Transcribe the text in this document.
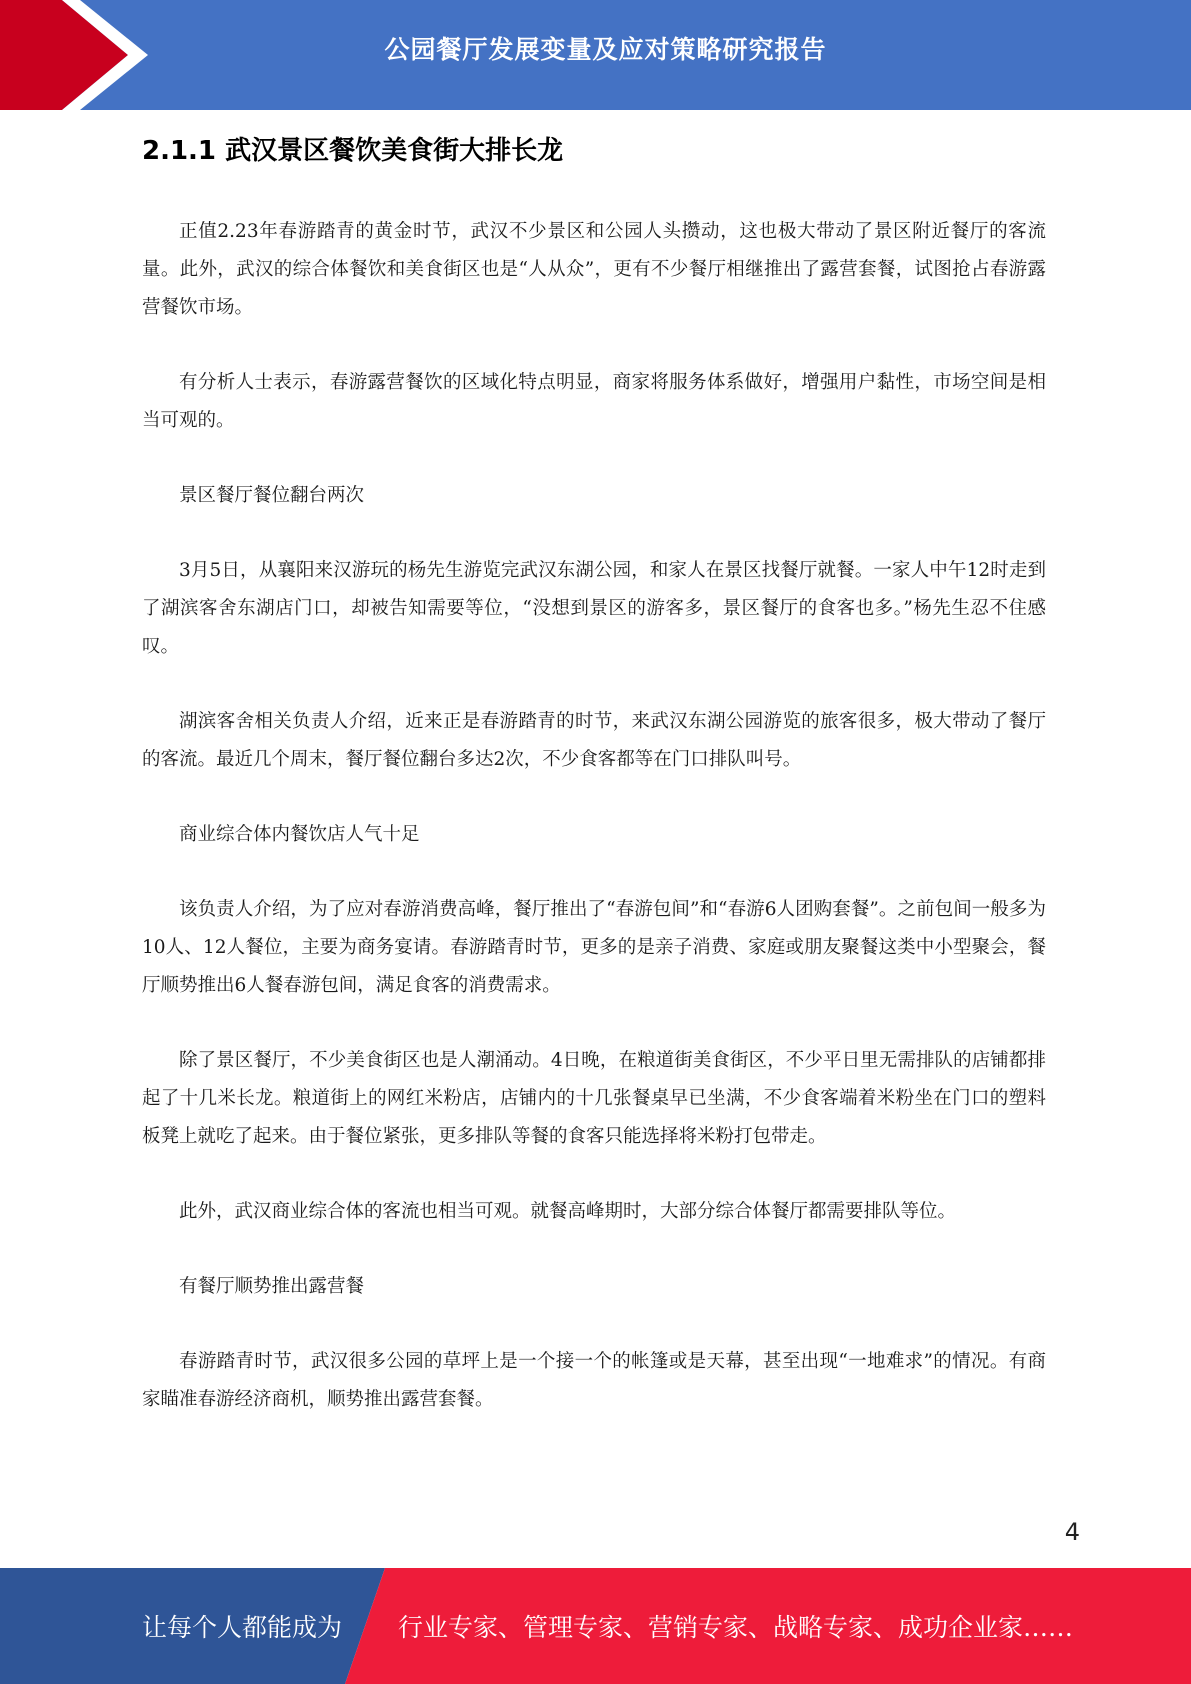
公园餐厅发展变量及应对策略研究报告
2.1.1 武汉景区餐饮美食街大排长龙

正值2.23年春游踏青的黄金时节，武汉不少景区和公园人头攒动，这也极大带动了景区附近餐厅的客流量。此外，武汉的综合体餐饮和美食街区也是“人从众”，更有不少餐厅相继推出了露营套餐，试图抢占春游露营餐饮市场。

有分析人士表示，春游露营餐饮的区域化特点明显，商家将服务体系做好，增强用户黏性，市场空间是相当可观的。

景区餐厅餐位翻台两次

3月5日，从襄阳来汉游玩的杨先生游览完武汉东湖公园，和家人在景区找餐厅就餐。一家人中午12时走到了湖滨客舍东湖店门口，却被告知需要等位，“没想到景区的游客多，景区餐厅的食客也多。”杨先生忍不住感叹。

湖滨客舍相关负责人介绍，近来正是春游踏青的时节，来武汉东湖公园游览的旅客很多，极大带动了餐厅的客流。最近几个周末，餐厅餐位翻台多达2次，不少食客都等在门口排队叫号。

商业综合体内餐饮店人气十足

该负责人介绍，为了应对春游消费高峰，餐厅推出了“春游包间”和“春游6人团购套餐”。之前包间一般多为10人、12人餐位，主要为商务宴请。春游踏青时节，更多的是亲子消费、家庭或朋友聚餐这类中小型聚会，餐厅顺势推出6人餐春游包间，满足食客的消费需求。

除了景区餐厅，不少美食街区也是人潮涌动。4日晚，在粮道街美食街区，不少平日里无需排队的店铺都排起了十几米长龙。粮道街上的网红米粉店，店铺内的十几张餐桌早已坐满，不少食客端着米粉坐在门口的塑料板凳上就吃了起来。由于餐位紧张，更多排队等餐的食客只能选择将米粉打包带走。

此外，武汉商业综合体的客流也相当可观。就餐高峰期时，大部分综合体餐厅都需要排队等位。

有餐厅顺势推出露营餐

春游踏青时节，武汉很多公园的草坪上是一个接一个的帐篷或是天幕，甚至出现“一地难求”的情况。有商家瞄准春游经济商机，顺势推出露营套餐。

4
让每个人都能成为 行业专家、管理专家、营销专家、战略专家、成功企业家……
